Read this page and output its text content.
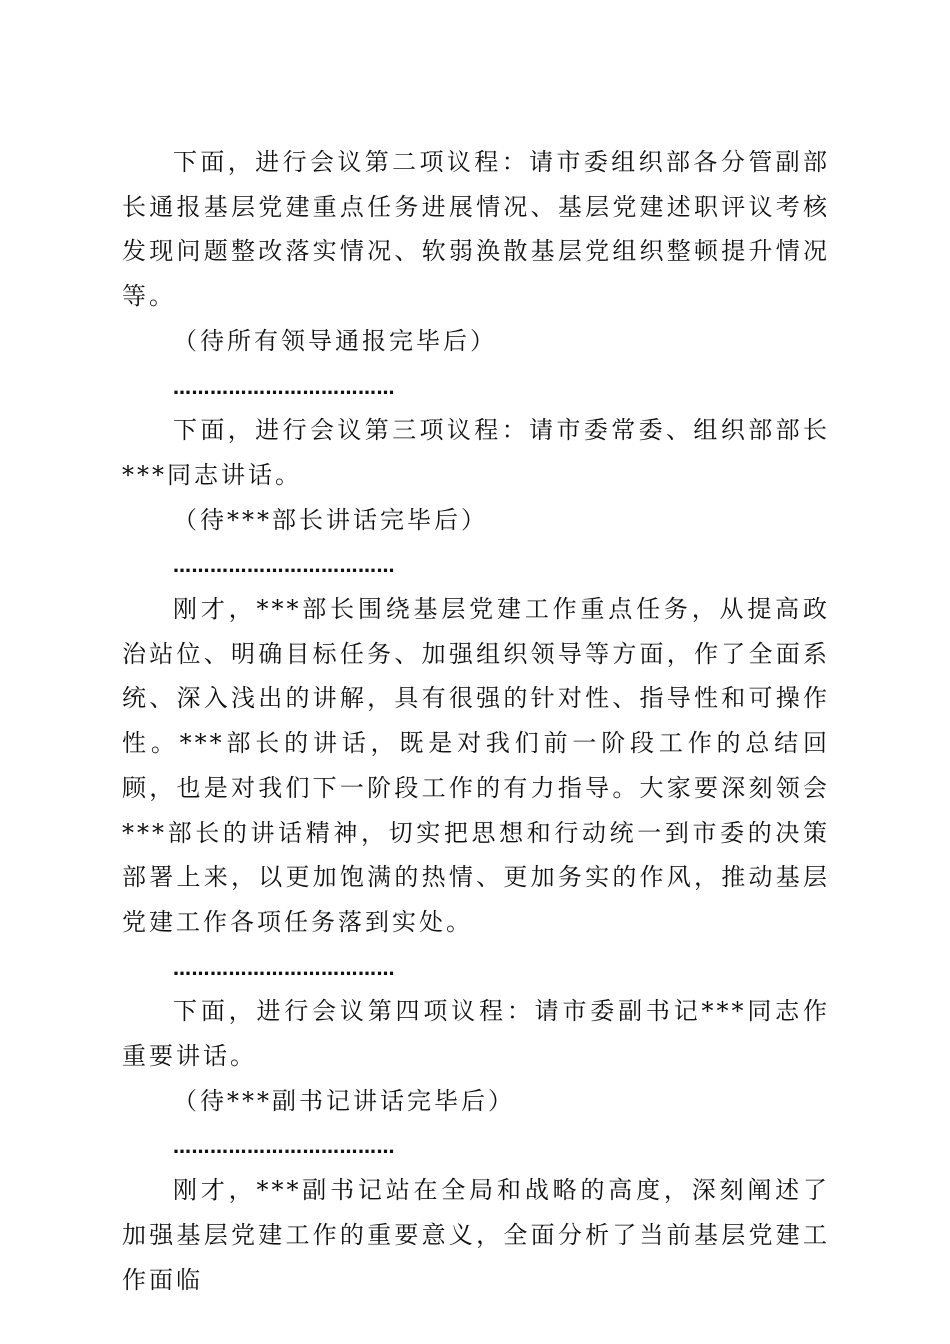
下面，进行会议第二项议程：请市委组织部各分管副部长通报基层党建重点任务进展情况、基层党建述职评议考核发现问题整改落实情况、软弱涣散基层党组织整顿提升情况等。

（待所有领导通报完毕后）

………………………………

下面，进行会议第三项议程：请市委常委、组织部部长***同志讲话。

（待***部长讲话完毕后）

………………………………

刚才，***部长围绕基层党建工作重点任务，从提高政治站位、明确目标任务、加强组织领导等方面，作了全面系统、深入浅出的讲解，具有很强的针对性、指导性和可操作性。***部长的讲话，既是对我们前一阶段工作的总结回顾，也是对我们下一阶段工作的有力指导。大家要深刻领会***部长的讲话精神，切实把思想和行动统一到市委的决策部署上来，以更加饱满的热情、更加务实的作风，推动基层党建工作各项任务落到实处。

………………………………

下面，进行会议第四项议程：请市委副书记***同志作重要讲话。

（待***副书记讲话完毕后）

………………………………

刚才，***副书记站在全局和战略的高度，深刻阐述了加强基层党建工作的重要意义，全面分析了当前基层党建工作面临
